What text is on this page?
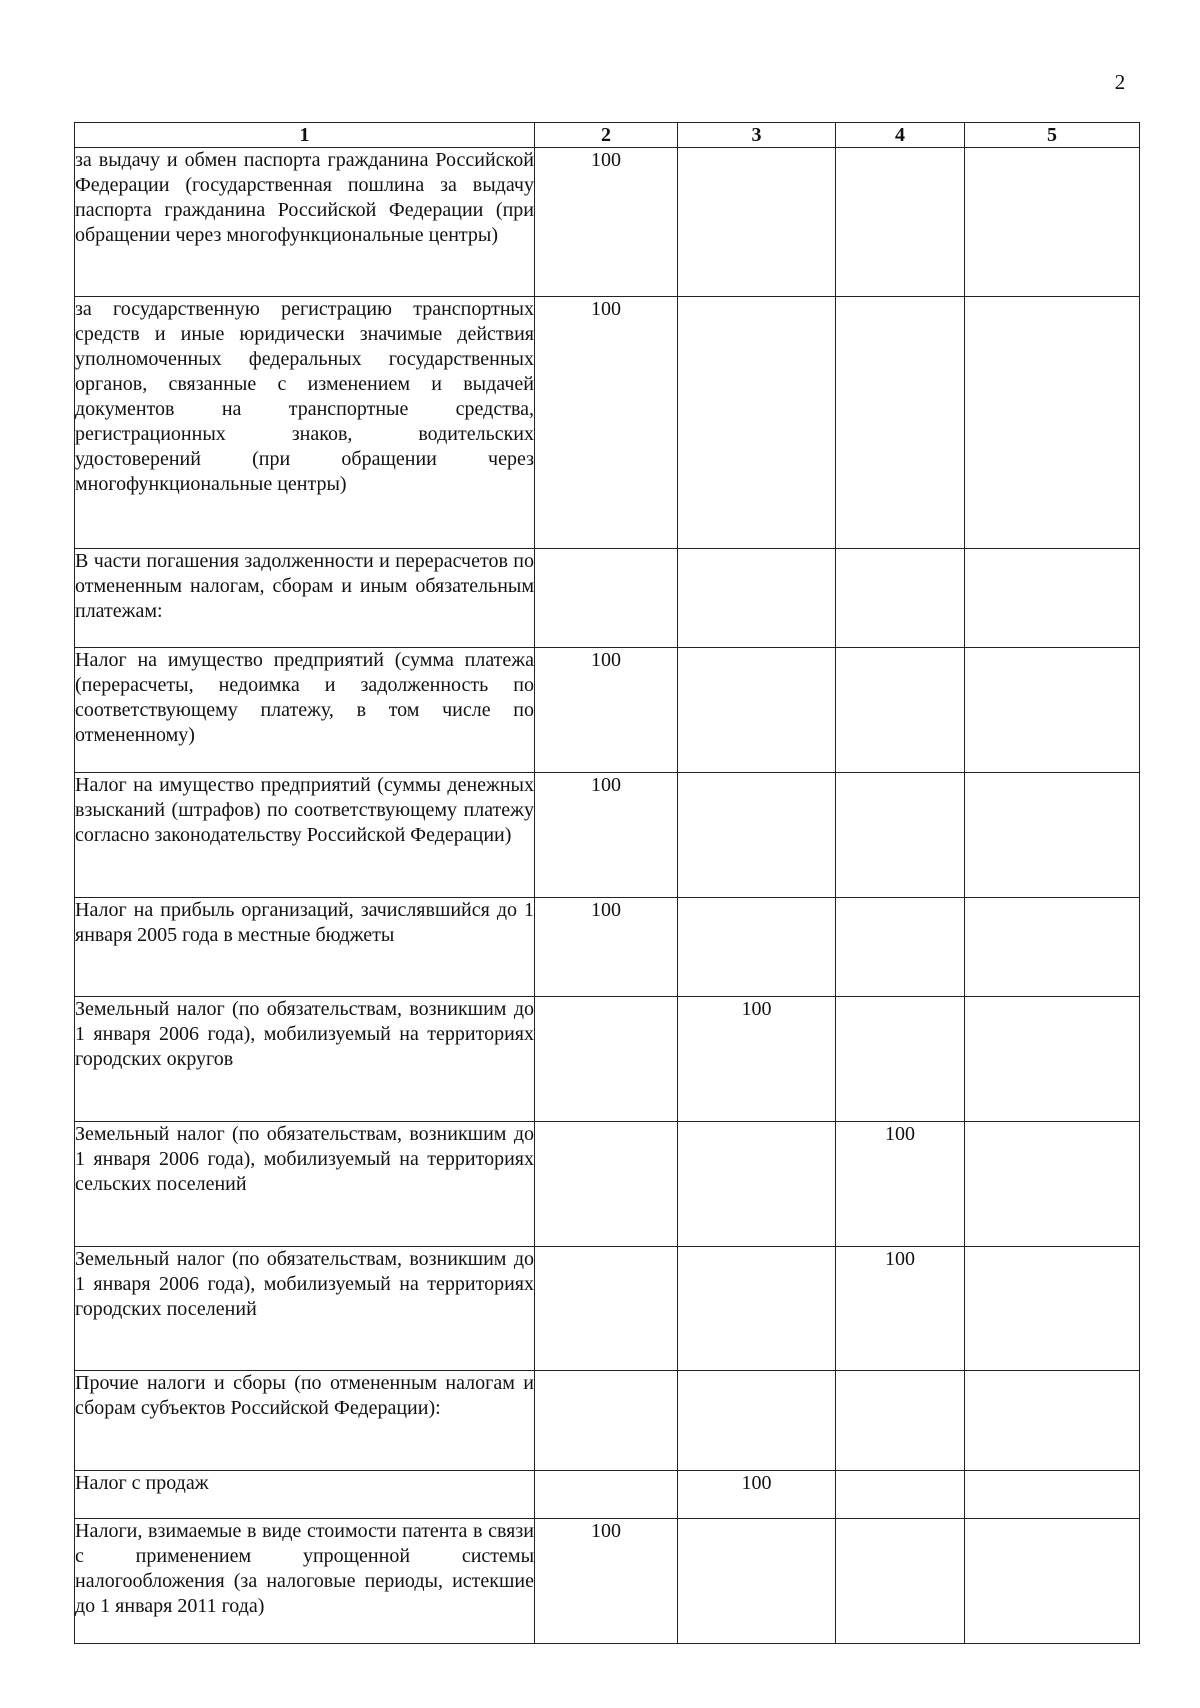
2
1	2	3	4	5
за выдачу и обмен паспорта гражданина Российской Федерации (государственная пошлина за выдачу паспорта гражданина Российской Федерации (при обращении через многофункциональные центры)	100			
за государственную регистрацию транспортных средств и иные юридически значимые действия уполномоченных федеральных государственных органов, связанные с изменением и выдачей документов на транспортные средства, регистрационных знаков, водительских удостоверений (при обращении через многофункциональные центры)	100			
В части погашения задолженности и перерасчетов по отмененным налогам, сборам и иным обязательным платежам:				
Налог на имущество предприятий (сумма платежа (перерасчеты, недоимка и задолженность по соответствующему платежу, в том числе по отмененному)	100			
Налог на имущество предприятий (суммы денежных взысканий (штрафов) по соответствующему платежу согласно законодательству Российской Федерации)	100			
Налог на прибыль организаций, зачислявшийся до 1 января 2005 года в местные бюджеты	100			
Земельный налог (по обязательствам, возникшим до 1 января 2006 года), мобилизуемый на территориях городских округов		100		
Земельный налог (по обязательствам, возникшим до 1 января 2006 года), мобилизуемый на территориях сельских поселений			100	
Земельный налог (по обязательствам, возникшим до 1 января 2006 года), мобилизуемый на территориях городских поселений			100	
Прочие налоги и сборы (по отмененным налогам и сборам субъектов Российской Федерации):				
Налог с продаж		100		
Налоги, взимаемые в виде стоимости патента в связи с применением упрощенной системы налогообложения (за налоговые периоды, истекшие до 1 января 2011 года)	100			
